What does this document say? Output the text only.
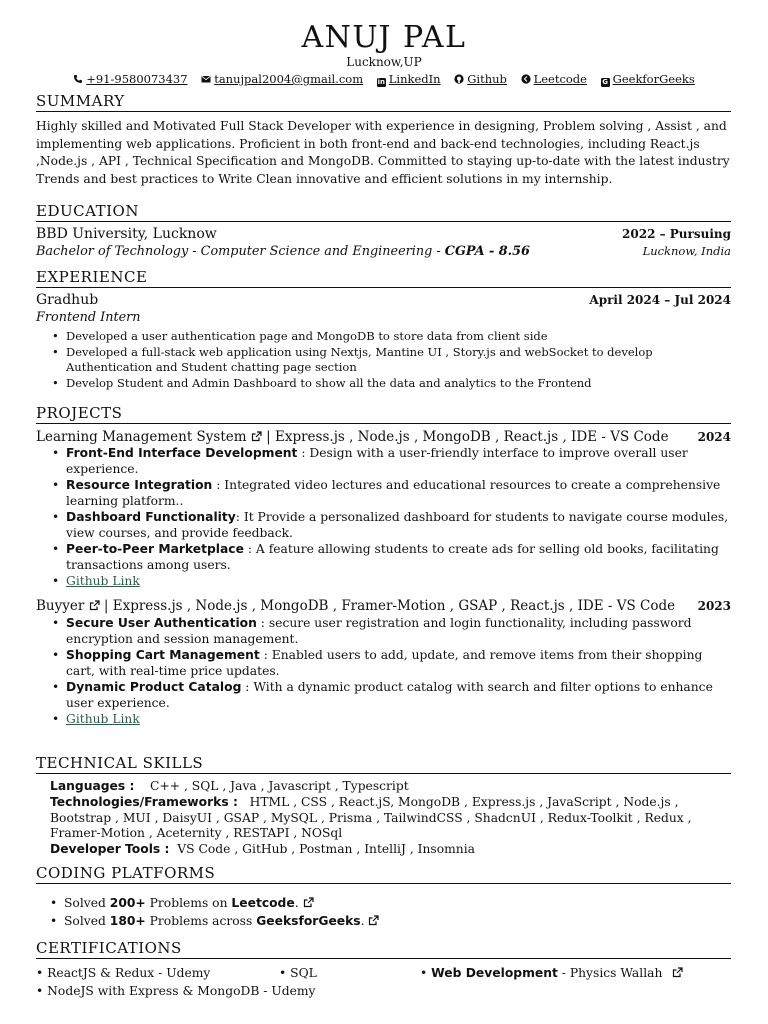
ANUJ PAL
Lucknow,UP
+91-9580073437 tanujpal2004@gmail.com in LinkedIn Github Leetcode G GeekforGeeks
SUMMARY
Highly skilled and Motivated Full Stack Developer with experience in designing, Problem solving , Assist , and implementing web applications. Proficient in both front-end and back-end technologies, including React.js ,Node.js , API , Technical Specification and MongoDB. Committed to staying up-to-date with the latest industry Trends and best practices to Write Clean innovative and efficient solutions in my internship.
EDUCATION
BBD University, Lucknow	2022 – Pursuing
Bachelor of Technology - Computer Science and Engineering - CGPA - 8.56	Lucknow, India
EXPERIENCE
Gradhub	April 2024 – Jul 2024
Frontend Intern
• Developed a user authentication page and MongoDB to store data from client side
• Developed a full-stack web application using Nextjs, Mantine UI , Story.js and webSocket to develop Authentication and Student chatting page section
• Develop Student and Admin Dashboard to show all the data and analytics to the Frontend
PROJECTS
Learning Management System | Express.js , Node.js , MongoDB , React.js , IDE - VS Code 2024
• Front-End Interface Development : Design with a user-friendly interface to improve overall user experience.
• Resource Integration : Integrated video lectures and educational resources to create a comprehensive learning platform..
• Dashboard Functionality: It Provide a personalized dashboard for students to navigate course modules, view courses, and provide feedback.
• Peer-to-Peer Marketplace : A feature allowing students to create ads for selling old books, facilitating transactions among users.
• Github Link
Buyyer | Express.js , Node.js , MongoDB , Framer-Motion , GSAP , React.js , IDE - VS Code 2023
• Secure User Authentication : secure user registration and login functionality, including password encryption and session management.
• Shopping Cart Management : Enabled users to add, update, and remove items from their shopping cart, with real-time price updates.
• Dynamic Product Catalog : With a dynamic product catalog with search and filter options to enhance user experience.
• Github Link
TECHNICAL SKILLS
Languages : C++ , SQL , Java , Javascript , Typescript
Technologies/Frameworks : HTML , CSS , React.jS, MongoDB , Express.js , JavaScript , Node.js , Bootstrap , MUI , DaisyUI , GSAP , MySQL , Prisma , TailwindCSS , ShadcnUI , Redux-Toolkit , Redux , Framer-Motion , Aceternity , RESTAPI , NOSql
Developer Tools : VS Code , GitHub , Postman , IntelliJ , Insomnia
CODING PLATFORMS
• Solved 200+ Problems on Leetcode.
• Solved 180+ Problems across GeeksforGeeks.
CERTIFICATIONS
• ReactJS & Redux - Udemy	• SQL	• Web Development - Physics Wallah
• NodeJS with Express & MongoDB - Udemy
